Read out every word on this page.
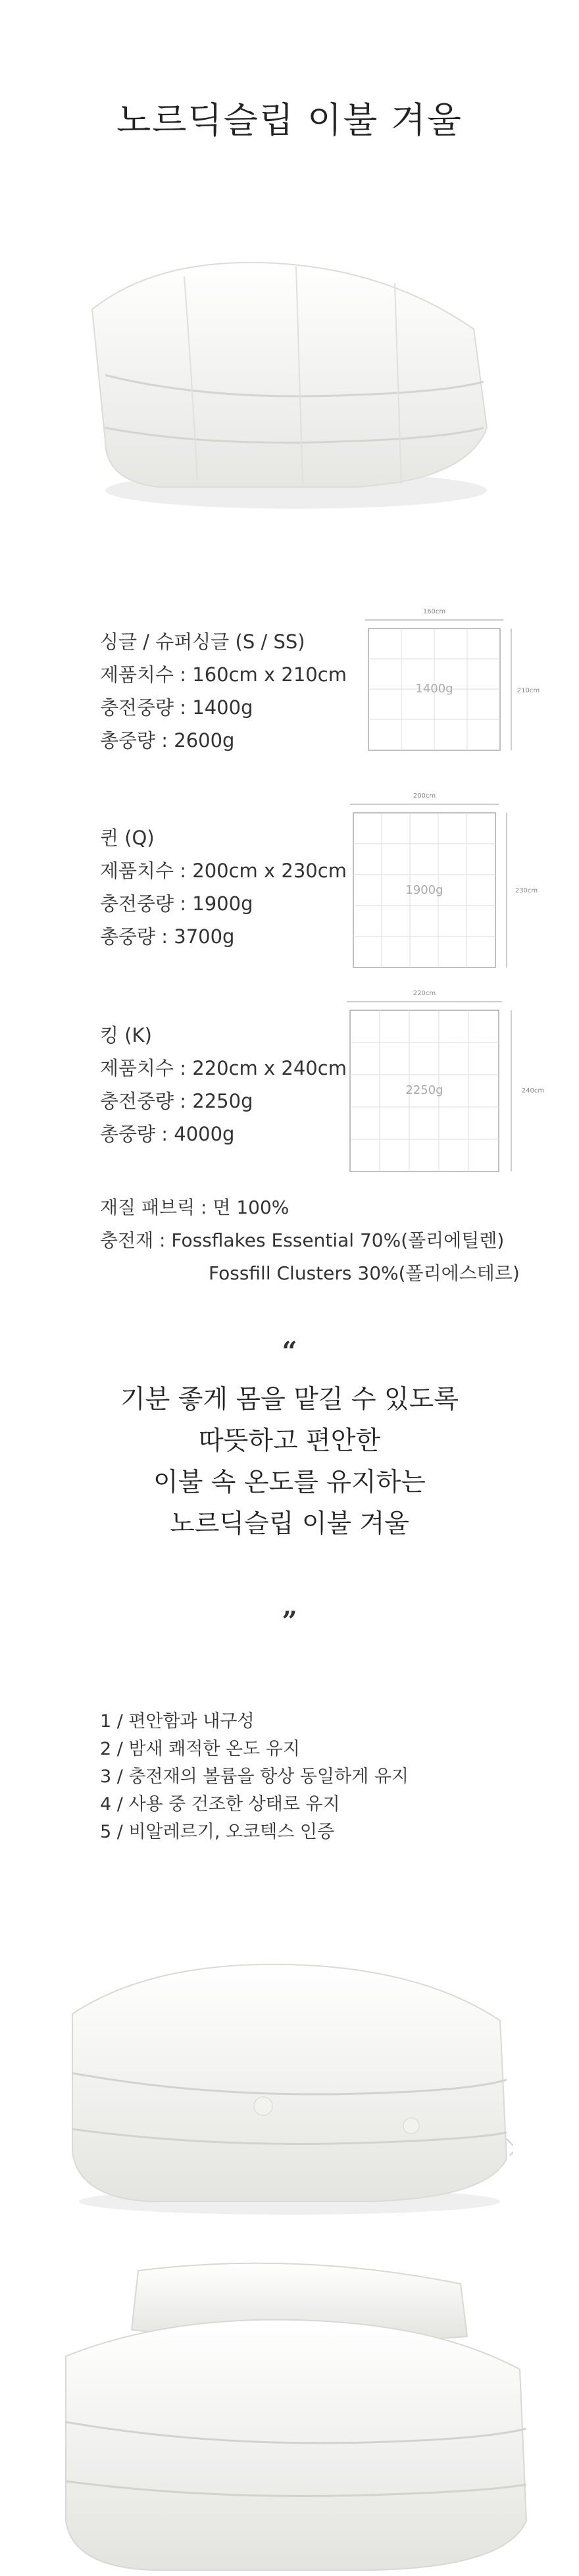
노르딕슬립 이불 겨울
싱글 / 슈퍼싱글 (S / SS)
제품치수 : 160cm x 210cm
충전중량 : 1400g
총중량 : 2600g
퀸 (Q)
제품치수 : 200cm x 230cm
충전중량 : 1900g
총중량 : 3700g
킹 (K)
제품치수 : 220cm x 240cm
충전중량 : 2250g
총중량 : 4000g
160cm
210cm
1400g
200cm
230cm
1900g
220cm
240cm
2250g
재질 패브릭 : 면 100%
충전재 : Fossflakes Essential 70%(폴리에틸렌)
Fossfill Clusters 30%(폴리에스테르)
“
기분 좋게 몸을 맡길 수 있도록
따뜻하고 편안한
이불 속 온도를 유지하는
노르딕슬립 이불 겨울
”
1 / 편안함과 내구성
2 / 밤새 쾌적한 온도 유지
3 / 충전재의 볼륨을 항상 동일하게 유지
4 / 사용 중 건조한 상태로 유지
5 / 비알레르기, 오코텍스 인증
